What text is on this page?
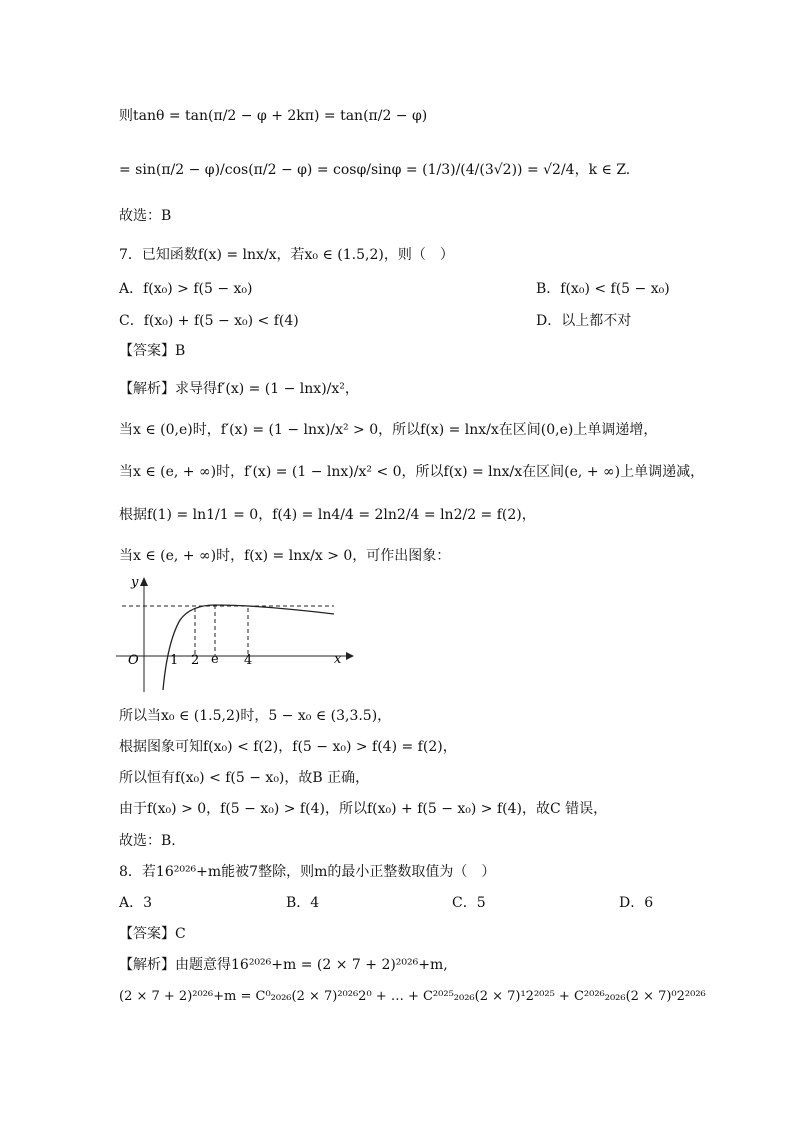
则tanθ = tan(π/2 − φ + 2kπ) = tan(π/2 − φ)
= sin(π/2 − φ)/cos(π/2 − φ) = cosφ/sinφ = (1/3)/(4/(3√2)) = √2/4，k ∈ Z.
故选：B
7．已知函数f(x) = lnx/x，若x₀ ∈ (1.5,2)，则（　）
A．f(x₀) > f(5 − x₀)	B．f(x₀) < f(5 − x₀)
C．f(x₀) + f(5 − x₀) < f(4)	D．以上都不对
【答案】B
【解析】求导得f′(x) = (1 − lnx)/x²，
当x ∈ (0,e)时，f′(x) = (1 − lnx)/x² > 0，所以f(x) = lnx/x在区间(0,e)上单调递增，
当x ∈ (e, + ∞)时，f′(x) = (1 − lnx)/x² < 0，所以f(x) = lnx/x在区间(e, + ∞)上单调递减，
根据f(1) = ln1/1 = 0，f(4) = ln4/4 = 2ln2/4 = ln2/2 = f(2)，
当x ∈ (e, + ∞)时，f(x) = lnx/x > 0，可作出图象：
y
x
O 1 2 e 4
所以当x₀ ∈ (1.5,2)时，5 − x₀ ∈ (3,3.5)，
根据图象可知f(x₀) < f(2)，f(5 − x₀) > f(4) = f(2)，
所以恒有f(x₀) < f(5 − x₀)，故B 正确，
由于f(x₀) > 0，f(5 − x₀) > f(4)，所以f(x₀) + f(5 − x₀) > f(4)，故C 错误，
故选：B.
8．若16²⁰²⁶+m能被7整除，则m的最小正整数取值为（　）
A．3	B．4	C．5	D．6
【答案】C
【解析】由题意得16²⁰²⁶+m = (2 × 7 + 2)²⁰²⁶+m,
(2 × 7 + 2)²⁰²⁶+m = C⁰₂₀₂₆(2 × 7)²⁰²⁶2⁰ + … + C²⁰²⁵₂₀₂₆(2 × 7)¹2²⁰²⁵ + C²⁰²⁶₂₀₂₆(2 × 7)⁰2²⁰²⁶
